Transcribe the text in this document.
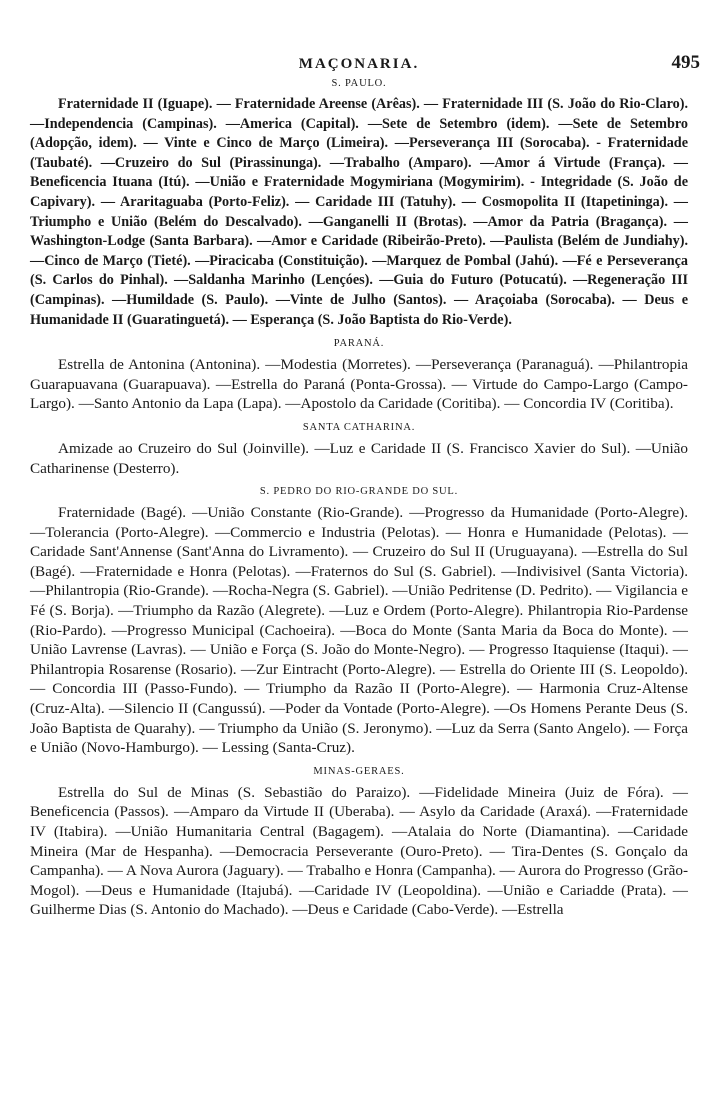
MAÇONARIA.	495
S. PAULO.

Fraternidade II (Iguape). — Fraternidade Areense (Arêas). — Fraternidade III (S. João do Rio-Claro). —Independencia (Campinas). —America (Capital). —Sete de Setembro (idem). —Sete de Setembro (Adopção, idem). — Vinte e Cinco de Março (Limeira). —Perseverança III (Sorocaba). - Fraternidade (Taubaté). —Cruzeiro do Sul (Pirassinunga). —Trabalho (Amparo). —Amor á Virtude (França). —Beneficencia Ituana (Itú). —União e Fraternidade Mogymiriana (Mogymirim). - Integridade (S. João de Capivary). — Araritaguaba (Porto-Feliz). — Caridade III (Tatuhy). — Cosmopolita II (Itapetininga). —Triumpho e União (Belém do Descalvado). —Ganganelli II (Brotas). —Amor da Patria (Bragança). —Washington-Lodge (Santa Barbara). —Amor e Caridade (Ribeirão-Preto). —Paulista (Belém de Jundiahy). —Cinco de Março (Tieté). —Piracicaba (Constituição). —Marquez de Pombal (Jahú). —Fé e Perseverança (S. Carlos do Pinhal). —Saldanha Marinho (Lençóes). —Guia do Futuro (Potucatú). —Regeneração III (Campinas). —Humildade (S. Paulo). —Vinte de Julho (Santos). — Araçoiaba (Sorocaba). — Deus e Humanidade II (Guaratinguetá). — Esperança (S. João Baptista do Rio-Verde).

PARANÁ.

Estrella de Antonina (Antonina). —Modestia (Morretes). —Perseverança (Paranaguá). —Philantropia Guarapuavana (Guarapuava). —Estrella do Paraná (Ponta-Grossa). — Virtude do Campo-Largo (Campo-Largo). —Santo Antonio da Lapa (Lapa). —Apostolo da Caridade (Coritiba). — Concordia IV (Coritiba).

SANTA CATHARINA.

Amizade ao Cruzeiro do Sul (Joinville). —Luz e Caridade II (S. Francisco Xavier do Sul). —União Catharinense (Desterro).

S. PEDRO DO RIO-GRANDE DO SUL.

Fraternidade (Bagé). —União Constante (Rio-Grande). —Progresso da Humanidade (Porto-Alegre). —Tolerancia (Porto-Alegre). —Commercio e Industria (Pelotas). — Honra e Humanidade (Pelotas). —Caridade Sant'Annense (Sant'Anna do Livramento). — Cruzeiro do Sul II (Uruguayana). —Estrella do Sul (Bagé). —Fraternidade e Honra (Pelotas). —Fraternos do Sul (S. Gabriel). —Indivisivel (Santa Victoria). —Philantropia (Rio-Grande). —Rocha-Negra (S. Gabriel). —União Pedritense (D. Pedrito). — Vigilancia e Fé (S. Borja). —Triumpho da Razão (Alegrete). —Luz e Ordem (Porto-Alegre). Philantropia Rio-Pardense (Rio-Pardo). —Progresso Municipal (Cachoeira). —Boca do Monte (Santa Maria da Boca do Monte). —União Lavrense (Lavras). — União e Força (S. João do Monte-Negro). — Progresso Itaquiense (Itaqui). —Philantropia Rosarense (Rosario). —Zur Eintracht (Porto-Alegre). — Estrella do Oriente III (S. Leopoldo). — Concordia III (Passo-Fundo). — Triumpho da Razão II (Porto-Alegre). — Harmonia Cruz-Altense (Cruz-Alta). —Silencio II (Cangussú). —Poder da Vontade (Porto-Alegre). —Os Homens Perante Deus (S. João Baptista de Quarahy). — Triumpho da União (S. Jeronymo). —Luz da Serra (Santo Angelo). — Força e União (Novo-Hamburgo). — Lessing (Santa-Cruz).

MINAS-GERAES.

Estrella do Sul de Minas (S. Sebastião do Paraizo). —Fidelidade Mineira (Juiz de Fóra). —Beneficencia (Passos). —Amparo da Virtude II (Uberaba). — Asylo da Caridade (Araxá). —Fraternidade IV (Itabira). —União Humanitaria Central (Bagagem). —Atalaia do Norte (Diamantina). —Caridade Mineira (Mar de Hespanha). —Democracia Perseverante (Ouro-Preto). — Tira-Dentes (S. Gonçalo da Campanha). — A Nova Aurora (Jaguary). — Trabalho e Honra (Campanha). — Aurora do Progresso (Grão-Mogol). —Deus e Humanidade (Itajubá). —Caridade IV (Leopoldina). —União e Cariadde (Prata). — Guilherme Dias (S. Antonio do Machado). —Deus e Caridade (Cabo-Verde). —Estrella
